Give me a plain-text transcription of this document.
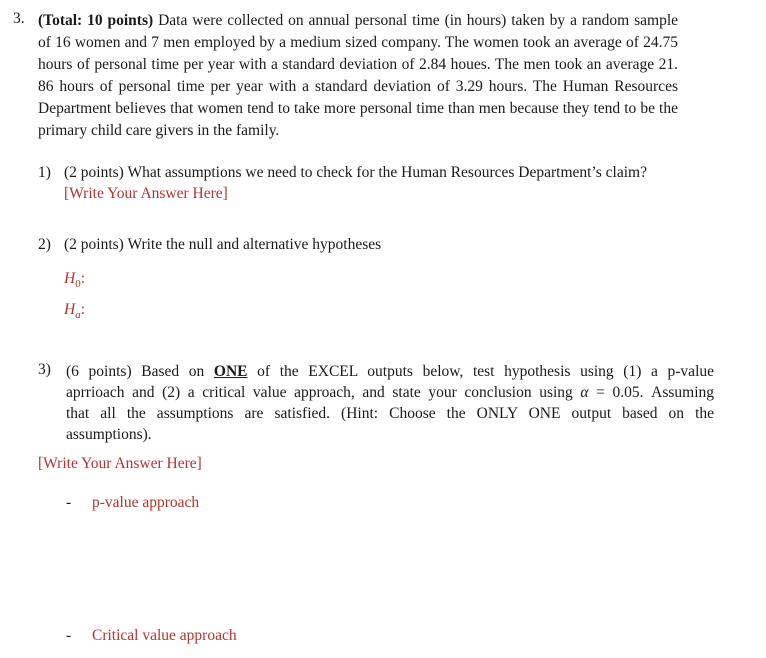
3. (Total: 10 points) Data were collected on annual personal time (in hours) taken by a random sample
of 16 women and 7 men employed by a medium sized company. The women took an average of 24.75
hours of personal time per year with a standard deviation of 2.84 houes. The men took an average 21.
86 hours of personal time per year with a standard deviation of 3.29 hours. The Human Resources
Department believes that women tend to take more personal time than men because they tend to be the
primary child care givers in the family.
1) (2 points) What assumptions we need to check for the Human Resources Department’s claim?
[Write Your Answer Here]
2) (2 points) Write the null and alternative hypotheses
$H_0$:
$H_a$:
3) (6 points) Based on ONE of the EXCEL outputs below, test hypothesis using (1) a p-value
aprrioach and (2) a critical value approach, and state your conclusion using α = 0.05. Assuming
that all the assumptions are satisfied. (Hint: Choose the ONLY ONE output based on the
assumptions).
[Write Your Answer Here]
- p-value approach
- Critical value approach
